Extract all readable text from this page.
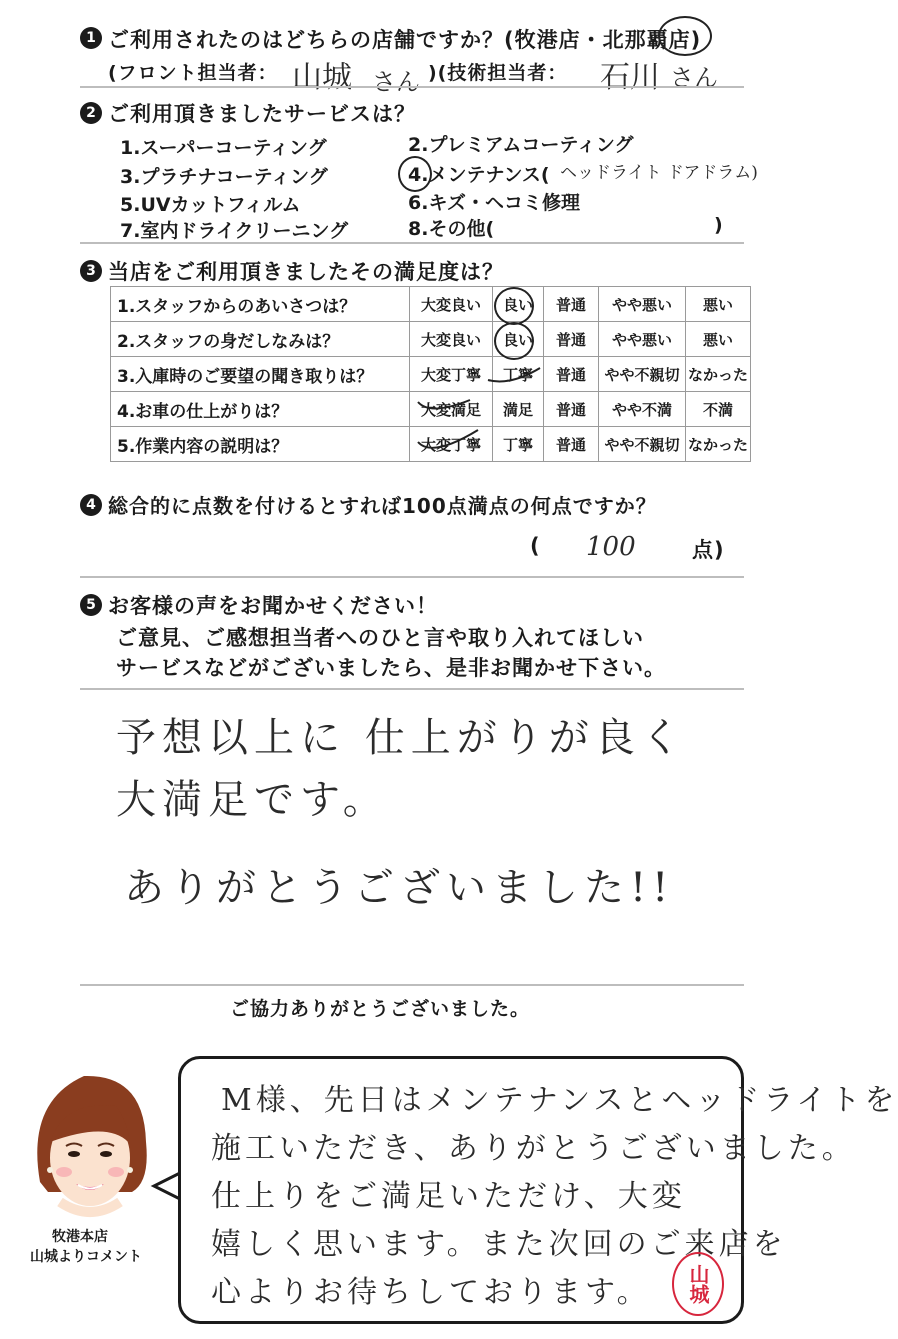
1 ご利用されたのはどちらの店舗ですか？(牧港店・北那覇店)
(フロント担当者： 山城 さん )(技術担当者： 石川 さん
2 ご利用頂きましたサービスは？
1.スーパーコーティング	2.プレミアムコーティング
3.プラチナコーティング	4.メンテナンス( ヘッドライト ドアドラム)
5.UVカットフィルム	6.キズ・ヘコミ修理
7.室内ドライクリーニング	8.その他(	)
3 当店をご利用頂きましたその満足度は？
1.スタッフからのあいさつは？	大変良い	良い	普通	やや悪い	悪い
2.スタッフの身だしなみは？	大変良い	良い	普通	やや悪い	悪い
3.入庫時のご要望の聞き取りは？	大変丁寧	丁寧	普通	やや不親切	なかった
4.お車の仕上がりは？	大変満足	満足	普通	やや不満	不満
5.作業内容の説明は？	大変丁寧	丁寧	普通	やや不親切	なかった
4 総合的に点数を付けるとすれば100点満点の何点ですか？
( 100	点)
5 お客様の声をお聞かせください！
ご意見、ご感想担当者へのひと言や取り入れてほしい
サービスなどがございましたら、是非お聞かせ下さい。
予想以上に 仕上がりが良く
大満足です。
ありがとうございました!!
ご協力ありがとうございました。
牧港本店
山城よりコメント
M様、先日はメンテナンスとヘッドライトを
施工いただき、ありがとうございました。
仕上りをご満足いただけ、大変
嬉しく思います。また次回のご来店を
心よりお待ちしております。 山城
